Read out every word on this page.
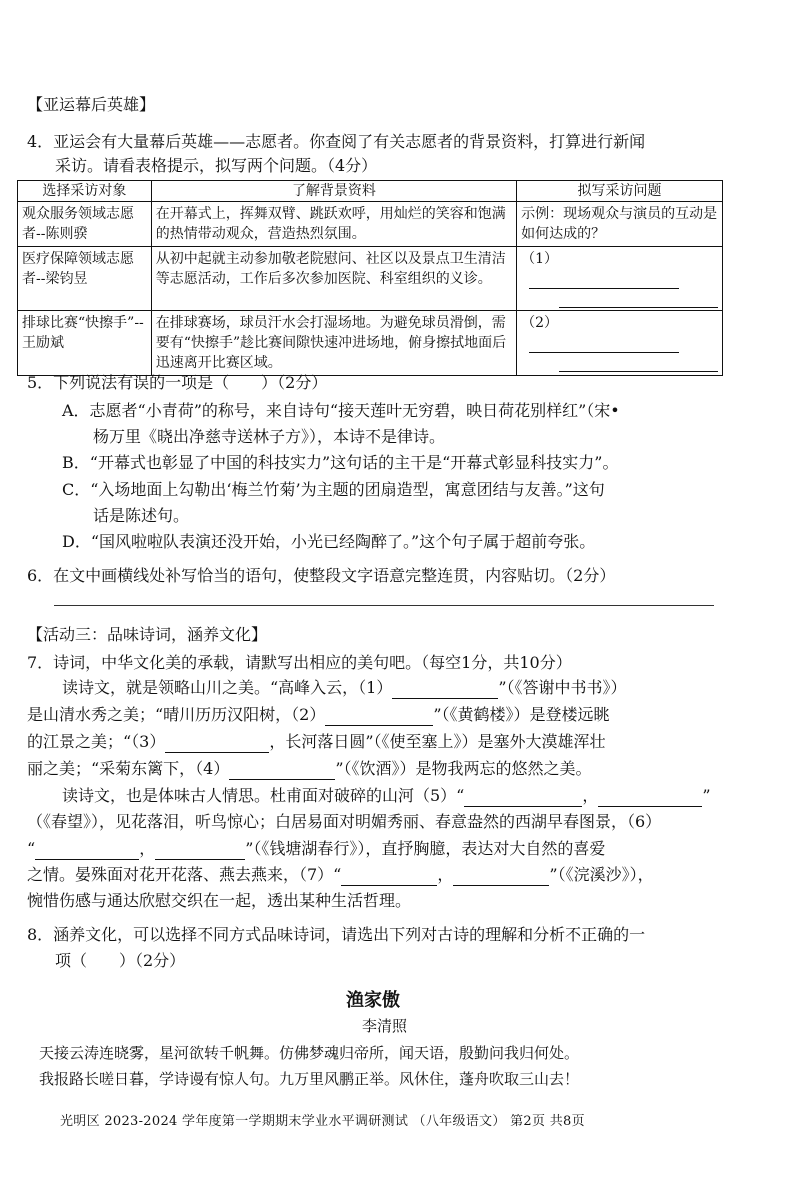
【亚运幕后英雄】
4．亚运会有大量幕后英雄——志愿者。你查阅了有关志愿者的背景资料，打算进行新闻
采访。请看表格提示，拟写两个问题。（4分）
选择采访对象	了解背景资料	拟写采访问题
观众服务领域志愿者--陈则骙	在开幕式上，挥舞双臂、跳跃欢呼，用灿烂的笑容和饱满的热情带动观众，营造热烈氛围。	示例：现场观众与演员的互动是如何达成的？
医疗保障领域志愿者--梁钧昱	从初中起就主动参加敬老院慰问、社区以及景点卫生清洁等志愿活动，工作后多次参加医院、科室组织的义诊。	（1）

排球比赛“快擦手”--王励斌	在排球赛场，球员汗水会打湿场地。为避免球员滑倒，需要有“快擦手”趁比赛间隙快速冲进场地，俯身擦拭地面后迅速离开比赛区域。	（2）
5．下列说法有误的一项是（　　）（2分）
A．志愿者“小青荷”的称号，来自诗句“接天莲叶无穷碧，映日荷花别样红”（宋•
杨万里《晓出净慈寺送林子方》），本诗不是律诗。
B．“开幕式也彰显了中国的科技实力”这句话的主干是“开幕式彰显科技实力”。
C．“入场地面上勾勒出‘梅兰竹菊’为主题的团扇造型，寓意团结与友善。”这句
话是陈述句。
D．“国风啦啦队表演还没开始，小光已经陶醉了。”这个句子属于超前夸张。
6．在文中画横线处补写恰当的语句，使整段文字语意完整连贯，内容贴切。（2分）
【活动三：品味诗词，涵养文化】
7．诗词，中华文化美的承载，请默写出相应的美句吧。（每空1分，共10分）
读诗文，就是领略山川之美。“高峰入云，（1）	”（《答谢中书书》）
是山清水秀之美；“晴川历历汉阳树，（2）	”（《黄鹤楼》）是登楼远眺
的江景之美；“（3）	，长河落日圆”（《使至塞上》）是塞外大漠雄浑壮
丽之美；“采菊东篱下，（4）	”（《饮酒》）是物我两忘的悠然之美。
读诗文，也是体味古人情思。杜甫面对破碎的山河（5）“	，	”
（《春望》），见花落泪，听鸟惊心；白居易面对明媚秀丽、春意盎然的西湖早春图景，（6）
“	，	”（《钱塘湖春行》），直抒胸臆，表达对大自然的喜爱
之情。晏殊面对花开花落、燕去燕来，（7）“	，	”（《浣溪沙》），
惋惜伤感与通达欣慰交织在一起，透出某种生活哲理。
8．涵养文化，可以选择不同方式品味诗词，请选出下列对古诗的理解和分析不正确的一
项（　　）（2分）
渔家傲
李清照
天接云涛连晓雾，星河欲转千帆舞。仿佛梦魂归帝所，闻天语，殷勤问我归何处。
我报路长嗟日暮，学诗谩有惊人句。九万里风鹏正举。风休住，蓬舟吹取三山去！
光明区 2023-2024 学年度第一学期期末学业水平调研测试 （八年级语文） 第2页 共8页
